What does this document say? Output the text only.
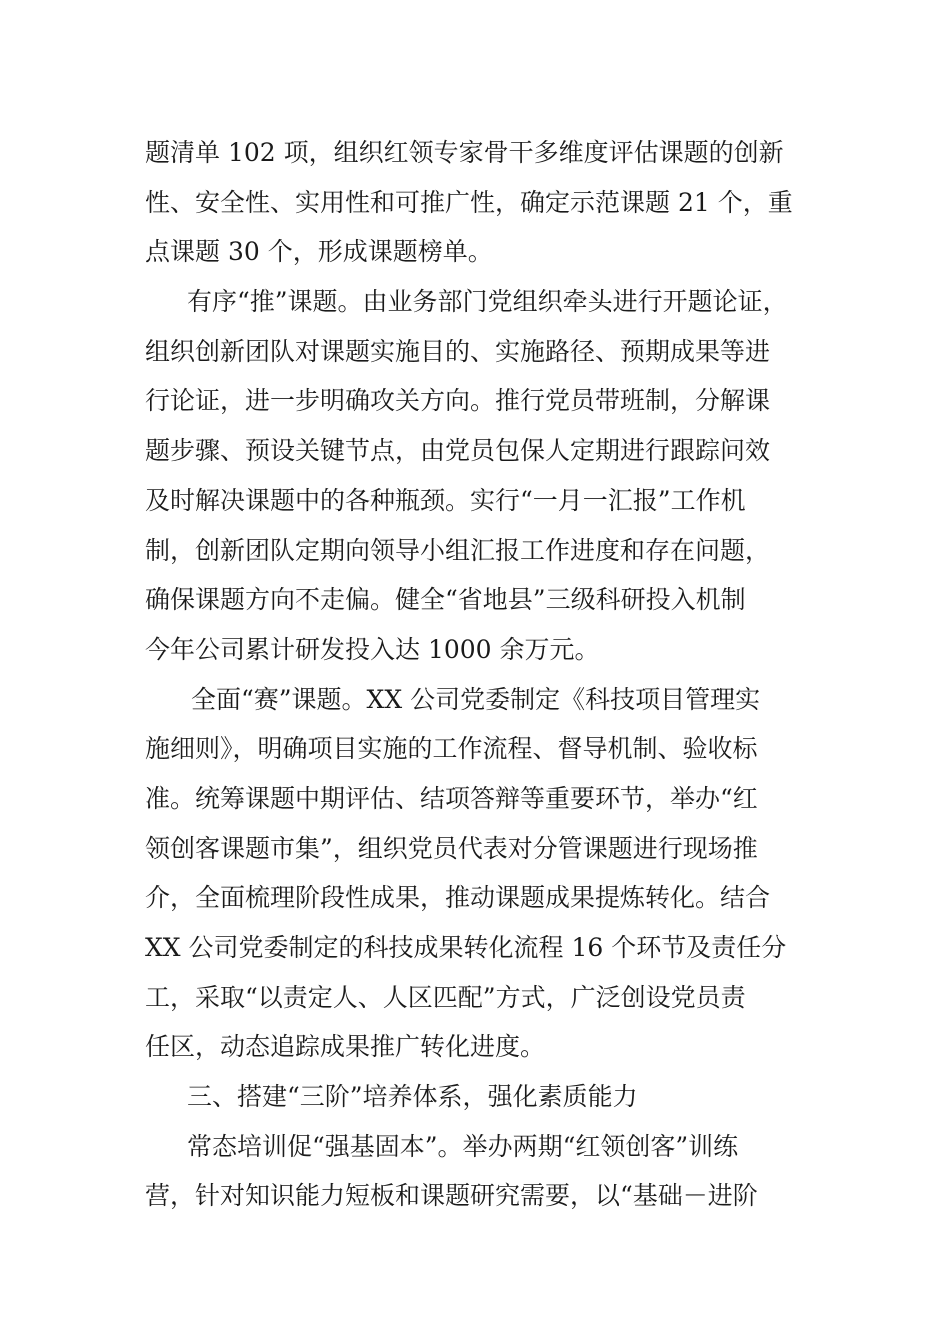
题清单 102 项，组织红领专家骨干多维度评估课题的创新
性、安全性、实用性和可推广性，确定示范课题 21 个，重
点课题 30 个，形成课题榜单。
有序“推”课题。由业务部门党组织牵头进行开题论证，
组织创新团队对课题实施目的、实施路径、预期成果等进
行论证，进一步明确攻关方向。推行党员带班制，分解课
题步骤、预设关键节点，由党员包保人定期进行跟踪问效
及时解决课题中的各种瓶颈。实行“一月一汇报”工作机
制，创新团队定期向领导小组汇报工作进度和存在问题，
确保课题方向不走偏。健全“省地县”三级科研投入机制
今年公司累计研发投入达 1000 余万元。
全面“赛”课题。XX 公司党委制定《科技项目管理实
施细则》，明确项目实施的工作流程、督导机制、验收标
准。统筹课题中期评估、结项答辩等重要环节，举办“红
领创客课题市集”，组织党员代表对分管课题进行现场推
介，全面梳理阶段性成果，推动课题成果提炼转化。结合
XX 公司党委制定的科技成果转化流程 16 个环节及责任分
工，采取“以责定人、人区匹配”方式，广泛创设党员责
任区，动态追踪成果推广转化进度。
三、搭建“三阶”培养体系，强化素质能力
常态培训促“强基固本”。举办两期“红领创客”训练
营，针对知识能力短板和课题研究需要，以“基础－进阶
